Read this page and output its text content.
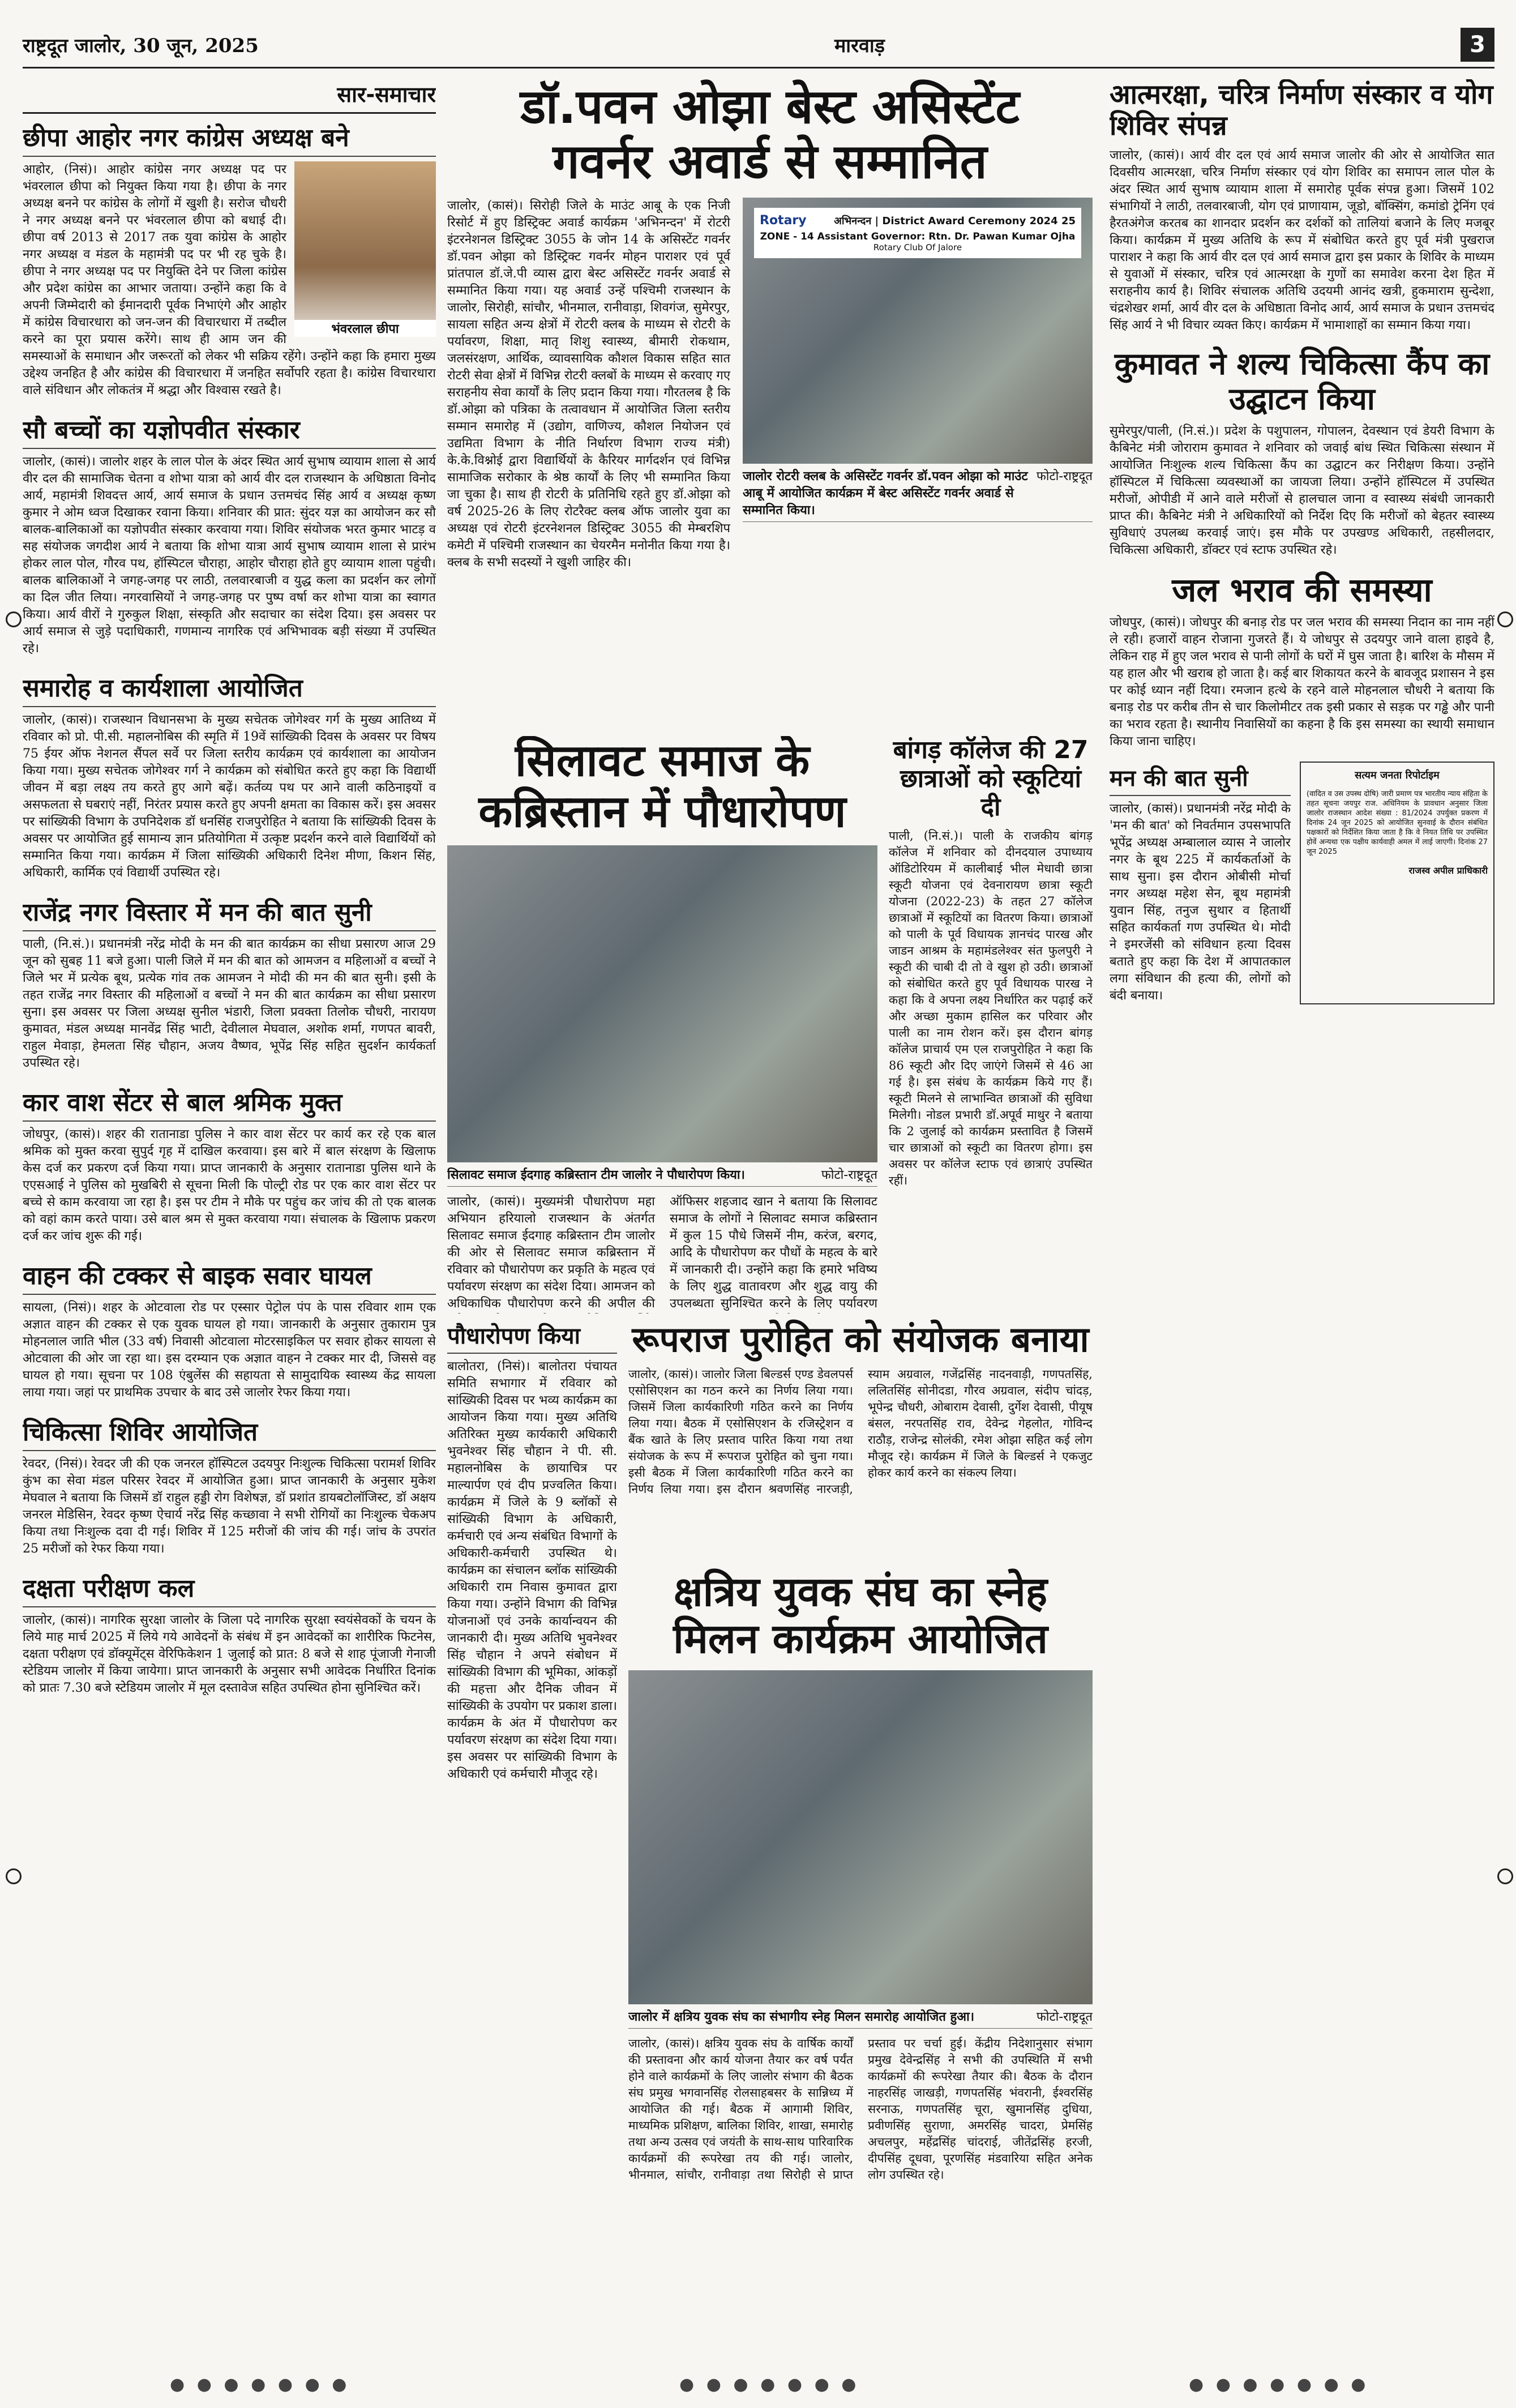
राष्ट्रदूत जालोर, 30 जून, 2025	मारवाड़	3
सार-समाचार
छीपा आहोर नगर कांग्रेस अध्यक्ष बने
भंवरलाल छीपा

आहोर, (निसं)। आहोर कांग्रेस नगर अध्यक्ष पद पर भंवरलाल छीपा को नियुक्त किया गया है। छीपा के नगर अध्यक्ष बनने पर कांग्रेस के लोगों में खुशी है। सरोज चौधरी ने नगर अध्यक्ष बनने पर भंवरलाल छीपा को बधाई दी। छीपा वर्ष 2013 से 2017 तक युवा कांग्रेस के आहोर नगर अध्यक्ष व मंडल के महामंत्री पद पर भी रह चुके है। छीपा ने नगर अध्यक्ष पद पर नियुक्ति देने पर जिला कांग्रेस और प्रदेश कांग्रेस का आभार जताया। उन्होंने कहा कि वे अपनी जिम्मेदारी को ईमानदारी पूर्वक निभाएंगे और आहोर में कांग्रेस विचारधारा को जन-जन की विचारधारा में तब्दील करने का पूरा प्रयास करेंगे। साथ ही आम जन की समस्याओं के समाधान और जरूरतों को लेकर भी सक्रिय रहेंगे। उन्होंने कहा कि हमारा मुख्य उद्देश्य जनहित है और कांग्रेस की विचारधारा में जनहित सर्वोपरि रहता है। कांग्रेस विचारधारा वाले संविधान और लोकतंत्र में श्रद्धा और विश्वास रखते है।

सौ बच्चों का यज्ञोपवीत संस्कार

जालोर, (कासं)। जालोर शहर के लाल पोल के अंदर स्थित आर्य सुभाष व्यायाम शाला से आर्य वीर दल की सामाजिक चेतना व शोभा यात्रा को आर्य वीर दल राजस्थान के अधिष्ठाता विनोद आर्य, महामंत्री शिवदत्त आर्य, आर्य समाज के प्रधान उत्तमचंद सिंह आर्य व अध्यक्ष कृष्ण कुमार ने ओम ध्वज दिखाकर रवाना किया। शनिवार की प्रात: सुंदर यज्ञ का आयोजन कर सौ बालक-बालिकाओं का यज्ञोपवीत संस्कार करवाया गया। शिविर संयोजक भरत कुमार भाटड़ व सह संयोजक जगदीश आर्य ने बताया कि शोभा यात्रा आर्य सुभाष व्यायाम शाला से प्रारंभ होकर लाल पोल, गौरव पथ, हॉस्पिटल चौराहा, आहोर चौराहा होते हुए व्यायाम शाला पहुंची। बालक बालिकाओं ने जगह-जगह पर लाठी, तलवारबाजी व युद्ध कला का प्रदर्शन कर लोगों का दिल जीत लिया। नगरवासियों ने जगह-जगह पर पुष्प वर्षा कर शोभा यात्रा का स्वागत किया। आर्य वीरों ने गुरुकुल शिक्षा, संस्कृति और सदाचार का संदेश दिया। इस अवसर पर आर्य समाज से जुड़े पदाधिकारी, गणमान्य नागरिक एवं अभिभावक बड़ी संख्या में उपस्थित रहे।

समारोह व कार्यशाला आयोजित

जालोर, (कासं)। राजस्थान विधानसभा के मुख्य सचेतक जोगेश्वर गर्ग के मुख्य आतिथ्य में रविवार को प्रो. पी.सी. महालनोबिस की स्मृति में 19वें सांख्यिकी दिवस के अवसर पर विषय 75 ईयर ऑफ नेशनल सैंपल सर्वे पर जिला स्तरीय कार्यक्रम एवं कार्यशाला का आयोजन किया गया। मुख्य सचेतक जोगेश्वर गर्ग ने कार्यक्रम को संबोधित करते हुए कहा कि विद्यार्थी जीवन में बड़ा लक्ष्य तय करते हुए आगे बढ़ें। कर्तव्य पथ पर आने वाली कठिनाइयों व असफलता से घबराएं नहीं, निरंतर प्रयास करते हुए अपनी क्षमता का विकास करें। इस अवसर पर सांख्यिकी विभाग के उपनिदेशक डॉ धनसिंह राजपुरोहित ने बताया कि सांख्यिकी दिवस के अवसर पर आयोजित हुई सामान्य ज्ञान प्रतियोगिता में उत्कृष्ट प्रदर्शन करने वाले विद्यार्थियों को सम्मानित किया गया। कार्यक्रम में जिला सांख्यिकी अधिकारी दिनेश मीणा, किशन सिंह, अधिकारी, कार्मिक एवं विद्यार्थी उपस्थित रहे।

राजेंद्र नगर विस्तार में मन की बात सुनी

पाली, (नि.सं.)। प्रधानमंत्री नरेंद्र मोदी के मन की बात कार्यक्रम का सीधा प्रसारण आज 29 जून को सुबह 11 बजे हुआ। पाली जिले में मन की बात को आमजन व महिलाओं व बच्चों ने जिले भर में प्रत्येक बूथ, प्रत्येक गांव तक आमजन ने मोदी की मन की बात सुनी। इसी के तहत राजेंद्र नगर विस्तार की महिलाओं व बच्चों ने मन की बात कार्यक्रम का सीधा प्रसारण सुना। इस अवसर पर जिला अध्यक्ष सुनील भंडारी, जिला प्रवक्ता तिलोक चौधरी, नारायण कुमावत, मंडल अध्यक्ष मानवेंद्र सिंह भाटी, देवीलाल मेघवाल, अशोक शर्मा, गणपत बावरी, राहुल मेवाड़ा, हेमलता सिंह चौहान, अजय वैष्णव, भूपेंद्र सिंह सहित सुदर्शन कार्यकर्ता उपस्थित रहे।

कार वाश सेंटर से बाल श्रमिक मुक्त

जोधपुर, (कासं)। शहर की रातानाडा पुलिस ने कार वाश सेंटर पर कार्य कर रहे एक बाल श्रमिक को मुक्त करवा सुपुर्द गृह में दाखिल करवाया। इस बारे में बाल संरक्षण के खिलाफ केस दर्ज कर प्रकरण दर्ज किया गया। प्राप्त जानकारी के अनुसार रातानाडा पुलिस थाने के एएसआई ने पुलिस को मुखबिरी से सूचना मिली कि पोल्ट्री रोड पर एक कार वाश सेंटर पर बच्चे से काम करवाया जा रहा है। इस पर टीम ने मौके पर पहुंच कर जांच की तो एक बालक को वहां काम करते पाया। उसे बाल श्रम से मुक्त करवाया गया। संचालक के खिलाफ प्रकरण दर्ज कर जांच शुरू की गई।

वाहन की टक्कर से बाइक सवार घायल

सायला, (निसं)। शहर के ओटवाला रोड पर एस्सार पेट्रोल पंप के पास रविवार शाम एक अज्ञात वाहन की टक्कर से एक युवक घायल हो गया। जानकारी के अनुसार तुकाराम पुत्र मोहनलाल जाति भील (33 वर्ष) निवासी ओटवाला मोटरसाइकिल पर सवार होकर सायला से ओटवाला की ओर जा रहा था। इस दरम्यान एक अज्ञात वाहन ने टक्कर मार दी, जिससे वह घायल हो गया। सूचना पर 108 एंबुलेंस की सहायता से सामुदायिक स्वास्थ्य केंद्र सायला लाया गया। जहां पर प्राथमिक उपचार के बाद उसे जालोर रेफर किया गया।

चिकित्सा शिविर आयोजित

रेवदर, (निसं)। रेवदर जी की एक जनरल हॉस्पिटल उदयपुर निःशुल्क चिकित्सा परामर्श शिविर कुंभ का सेवा मंडल परिसर रेवदर में आयोजित हुआ। प्राप्त जानकारी के अनुसार मुकेश मेघवाल ने बताया कि जिसमें डॉ राहुल हड्डी रोग विशेषज्ञ, डॉ प्रशांत डायबटोलॉजिस्ट, डॉ अक्षय जनरल मेडिसिन, रेवदर कृष्ण ऐचार्य नरेंद्र सिंह कच्छावा ने सभी रोगियों का निःशुल्क चेकअप किया तथा निःशुल्क दवा दी गई। शिविर में 125 मरीजों की जांच की गई। जांच के उपरांत 25 मरीजों को रेफर किया गया।

दक्षता परीक्षण कल

जालोर, (कासं)। नागरिक सुरक्षा जालोर के जिला पदे नागरिक सुरक्षा स्वयंसेवकों के चयन के लिये माह मार्च 2025 में लिये गये आवेदनों के संबंध में इन आवेदकों का शारीरिक फिटनेस, दक्षता परीक्षण एवं डॉक्यूमेंट्स वेरिफिकेशन 1 जुलाई को प्रात: 8 बजे से शाह पूंजाजी गेनाजी स्टेडियम जालोर में किया जायेगा। प्राप्त जानकारी के अनुसार सभी आवेदक निर्धारित दिनांक को प्रातः 7.30 बजे स्टेडियम जालोर में मूल दस्तावेज सहित उपस्थित होना सुनिश्चित करें।

डॉ.पवन ओझा बेस्ट असिस्टेंट
गवर्नर अवार्ड से सम्मानित

जालोर, (कासं)। सिरोही जिले के माउंट आबू के एक निजी रिसोर्ट में हुए डिस्ट्रिक्ट अवार्ड कार्यक्रम 'अभिनन्दन' में रोटरी इंटरनेशनल डिस्ट्रिक्ट 3055 के जोन 14 के असिस्टेंट गवर्नर डॉ.पवन ओझा को डिस्ट्रिक्ट गवर्नर मोहन पाराशर एवं पूर्व प्रांतपाल डॉ.जे.पी व्यास द्वारा बेस्ट असिस्टेंट गवर्नर अवार्ड से सम्मानित किया गया। यह अवार्ड उन्हें पश्चिमी राजस्थान के जालोर, सिरोही, सांचौर, भीनमाल, रानीवाड़ा, शिवगंज, सुमेरपुर, सायला सहित अन्य क्षेत्रों में रोटरी क्लब के माध्यम से रोटरी के पर्यावरण, शिक्षा, मातृ शिशु स्वास्थ्य, बीमारी रोकथाम, जलसंरक्षण, आर्थिक, व्यावसायिक कौशल विकास सहित सात रोटरी सेवा क्षेत्रों में विभिन्न रोटरी क्लबों के माध्यम से करवाए गए सराहनीय सेवा कार्यों के लिए प्रदान किया गया। गौरतलब है कि डॉ.ओझा को पत्रिका के तत्वावधान में आयोजित जिला स्तरीय सम्मान समारोह में (उद्योग, वाणिज्य, कौशल नियोजन एवं उद्यमिता विभाग के नीति निर्धारण विभाग राज्य मंत्री) के.के.विश्नोई द्वारा विद्यार्थियों के कैरियर मार्गदर्शन एवं विभिन्न सामाजिक सरोकार के श्रेष्ठ कार्यों के लिए भी सम्मानित किया जा चुका है। साथ ही रोटरी के प्रतिनिधि रहते हुए डॉ.ओझा को वर्ष 2025-26 के लिए रोटरैक्ट क्लब ऑफ जालोर युवा का अध्यक्ष एवं रोटरी इंटरनेशनल डिस्ट्रिक्ट 3055 की मेम्बरशिप कमेटी में पश्चिमी राजस्थान का चेयरमैन मनोनीत किया गया है। क्लब के सभी सदस्यों ने खुशी जाहिर की।

Rotary	अभिनन्दन | District Award Ceremony 2024 25
ZONE - 14 Assistant Governor: Rtn. Dr. Pawan Kumar Ojha
Rotary Club Of Jalore
जालोर रोटरी क्लब के असिस्टेंट गवर्नर डॉ.पवन ओझा को माउंट आबू में आयोजित कार्यक्रम में बेस्ट असिस्टेंट गवर्नर अवार्ड से सम्मानित किया।
फोटो-राष्ट्रदूत
सिलावट समाज के
कब्रिस्तान में पौधारोपण
सिलावट समाज ईदगाह कब्रिस्तान टीम जालोर ने पौधारोपण किया।	फोटो-राष्ट्रदूत
बांगड़ कॉलेज की 27 छात्राओं को स्कूटियां दी

पाली, (नि.सं.)। पाली के राजकीय बांगड़ कॉलेज में शनिवार को दीनदयाल उपाध्याय ऑडिटोरियम में कालीबाई भील मेधावी छात्रा स्कूटी योजना एवं देवनारायण छात्रा स्कूटी योजना (2022-23) के तहत 27 कॉलेज छात्राओं में स्कूटियों का वितरण किया। छात्राओं को पाली के पूर्व विधायक ज्ञानचंद पारख और जाडन आश्रम के महामंडलेश्वर संत फुलपुरी ने स्कूटी की चाबी दी तो वे खुश हो उठी। छात्राओं को संबोधित करते हुए पूर्व विधायक पारख ने कहा कि वे अपना लक्ष्य निर्धारित कर पढ़ाई करें और अच्छा मुकाम हासिल कर परिवार और पाली का नाम रोशन करें। इस दौरान बांगड़ कॉलेज प्राचार्य एम एल राजपुरोहित ने कहा कि 86 स्कूटी और दिए जाएंगे जिसमें से 46 आ गई है। इस संबंध के कार्यक्रम किये गए हैं। स्कूटी मिलने से लाभान्वित छात्राओं की सुविधा मिलेगी। नोडल प्रभारी डॉ.अपूर्व माथुर ने बताया कि 2 जुलाई को कार्यक्रम प्रस्तावित है जिसमें चार छात्राओं को स्कूटी का वितरण होगा। इस अवसर पर कॉलेज स्टाफ एवं छात्राएं उपस्थित रहीं।

जालोर, (कासं)। मुख्यमंत्री पौधारोपण महा अभियान हरियालो राजस्थान के अंतर्गत सिलावट समाज ईदगाह कब्रिस्तान टीम जालोर की ओर से सिलावट समाज कब्रिस्तान में रविवार को पौधारोपण कर प्रकृति के महत्व एवं पर्यावरण संरक्षण का संदेश दिया। आमजन को अधिकाधिक पौधारोपण करने की अपील की ऑफिसर शहजाद खान ने बताया कि सिलावट समाज के लोगों ने सिलावट समाज कब्रिस्तान में कुल 15 पौधे जिसमें नीम, करंज, बरगद, आदि के पौधारोपण कर पौधों के महत्व के बारे में जानकारी दी। उन्होंने कहा कि हमारे भविष्य के लिए शुद्ध वातावरण और शुद्ध वायु की उपलब्धता सुनिश्चित करने के लिए पर्यावरण

पौधारोपण किया

बालोतरा, (निसं)। बालोतरा पंचायत समिति सभागार में रविवार को सांख्यिकी दिवस पर भव्य कार्यक्रम का आयोजन किया गया। मुख्य अतिथि अतिरिक्त मुख्य कार्यकारी अधिकारी भुवनेश्वर सिंह चौहान ने पी. सी. महालनोबिस के छायाचित्र पर माल्यार्पण एवं दीप प्रज्वलित किया। कार्यक्रम में जिले के 9 ब्लॉकों से सांख्यिकी विभाग के अधिकारी, कर्मचारी एवं अन्य संबंधित विभागों के अधिकारी-कर्मचारी उपस्थित थे। कार्यक्रम का संचालन ब्लॉक सांख्यिकी अधिकारी राम निवास कुमावत द्वारा किया गया। उन्होंने विभाग की विभिन्न योजनाओं एवं उनके कार्यान्वयन की जानकारी दी। मुख्य अतिथि भुवनेश्वर सिंह चौहान ने अपने संबोधन में सांख्यिकी विभाग की भूमिका, आंकड़ों की महत्ता और दैनिक जीवन में सांख्यिकी के उपयोग पर प्रकाश डाला। कार्यक्रम के अंत में पौधारोपण कर पर्यावरण संरक्षण का संदेश दिया गया। इस अवसर पर सांख्यिकी विभाग के अधिकारी एवं कर्मचारी मौजूद रहे।

रूपराज पुरोहित को संयोजक बनाया

जालोर, (कासं)। जालोर जिला बिल्डर्स एण्ड डेवलपर्स एसोसिएशन का गठन करने का निर्णय लिया गया। जिसमें जिला कार्यकारिणी गठित करने का निर्णय लिया गया। बैठक में एसोसिएशन के रजिस्ट्रेशन व बैंक खाते के लिए प्रस्ताव पारित किया गया तथा संयोजक के रूप में रूपराज पुरोहित को चुना गया। इसी बैठक में जिला कार्यकारिणी गठित करने का निर्णय लिया गया। इस दौरान श्रवणसिंह नारजड़ी, स्याम अग्रवाल, गजेंद्रसिंह नादनवाड़ी, गणपतसिंह, ललितसिंह सोनीदडा, गौरव अग्रवाल, संदीप चांदड़, भूपेन्द्र चौधरी, ओबाराम देवासी, दुर्गेश देवासी, पीयूष बंसल, नरपतसिंह राव, देवेन्द्र गेहलोत, गोविन्द राठौड़, राजेन्द्र सोलंकी, रमेश ओझा सहित कई लोग मौजूद रहे। कार्यक्रम में जिले के बिल्डर्स ने एकजुट होकर कार्य करने का संकल्प लिया।

क्षत्रिय युवक संघ का स्नेह
मिलन कार्यक्रम आयोजित
जालोर में क्षत्रिय युवक संघ का संभागीय स्नेह मिलन समारोह आयोजित हुआ।	फोटो-राष्ट्रदूत

जालोर, (कासं)। क्षत्रिय युवक संघ के वार्षिक कार्यों की प्रस्तावना और कार्य योजना तैयार कर वर्ष पर्यंत होने वाले कार्यक्रमों के लिए जालोर संभाग की बैठक संघ प्रमुख भगवानसिंह रोलसाहबसर के सान्निध्य में आयोजित की गई। बैठक में आगामी शिविर, माध्यमिक प्रशिक्षण, बालिका शिविर, शाखा, समारोह तथा अन्य उत्सव एवं जयंती के साथ-साथ पारिवारिक कार्यक्रमों की रूपरेखा तय की गई। जालोर, भीनमाल, सांचौर, रानीवाड़ा तथा सिरोही से प्राप्त प्रस्ताव पर चर्चा हुई। केंद्रीय निदेशानुसार संभाग प्रमुख देवेन्द्रसिंह ने सभी की उपस्थिति में सभी कार्यक्रमों की रूपरेखा तैयार की। बैठक के दौरान नाहरसिंह जाखड़ी, गणपतसिंह भंवरानी, ईश्वरसिंह सरनाऊ, गणपतसिंह चूरा, खुमानसिंह दुधिया, प्रवीणसिंह सुराणा, अमरसिंह चादरा, प्रेमसिंह अचलपुर, महेंद्रसिंह चांदराई, जीतेंद्रसिंह हरजी, दीपसिंह दूधवा, पूरणसिंह मंडवारिया सहित अनेक लोग उपस्थित रहे।

आत्मरक्षा, चरित्र निर्माण संस्कार व योग शिविर संपन्न

जालोर, (कासं)। आर्य वीर दल एवं आर्य समाज जालोर की ओर से आयोजित सात दिवसीय आत्मरक्षा, चरित्र निर्माण संस्कार एवं योग शिविर का समापन लाल पोल के अंदर स्थित आर्य सुभाष व्यायाम शाला में समारोह पूर्वक संपन्न हुआ। जिसमें 102 संभागियों ने लाठी, तलवारबाजी, योग एवं प्राणायाम, जूडो, बॉक्सिंग, कमांडो ट्रेनिंग एवं हैरतअंगेज करतब का शानदार प्रदर्शन कर दर्शकों को तालियां बजाने के लिए मजबूर किया। कार्यक्रम में मुख्य अतिथि के रूप में संबोधित करते हुए पूर्व मंत्री पुखराज पाराशर ने कहा कि आर्य वीर दल एवं आर्य समाज द्वारा इस प्रकार के शिविर के माध्यम से युवाओं में संस्कार, चरित्र एवं आत्मरक्षा के गुणों का समावेश करना देश हित में सराहनीय कार्य है। शिविर संचालक अतिथि उदयमी आनंद खत्री, हुकमाराम सुन्देशा, चंद्रशेखर शर्मा, आर्य वीर दल के अधिष्ठाता विनोद आर्य, आर्य समाज के प्रधान उत्तमचंद सिंह आर्य ने भी विचार व्यक्त किए। कार्यक्रम में भामाशाहों का सम्मान किया गया।

कुमावत ने शल्य चिकित्सा कैंप का उद्घाटन किया

सुमेरपुर/पाली, (नि.सं.)। प्रदेश के पशुपालन, गोपालन, देवस्थान एवं डेयरी विभाग के कैबिनेट मंत्री जोराराम कुमावत ने शनिवार को जवाई बांध स्थित चिकित्सा संस्थान में आयोजित निःशुल्क शल्य चिकित्सा कैंप का उद्घाटन कर निरीक्षण किया। उन्होंने हॉस्पिटल में चिकित्सा व्यवस्थाओं का जायजा लिया। उन्होंने हॉस्पिटल में उपस्थित मरीजों, ओपीडी में आने वाले मरीजों से हालचाल जाना व स्वास्थ्य संबंधी जानकारी प्राप्त की। कैबिनेट मंत्री ने अधिकारियों को निर्देश दिए कि मरीजों को बेहतर स्वास्थ्य सुविधाएं उपलब्ध करवाई जाएं। इस मौके पर उपखण्ड अधिकारी, तहसीलदार, चिकित्सा अधिकारी, डॉक्टर एवं स्टाफ उपस्थित रहे।

जल भराव की समस्या

जोधपुर, (कासं)। जोधपुर की बनाड़ रोड पर जल भराव की समस्या निदान का नाम नहीं ले रही। हजारों वाहन रोजाना गुजरते हैं। ये जोधपुर से उदयपुर जाने वाला हाइवे है, लेकिन राह में हुए जल भराव से पानी लोगों के घरों में घुस जाता है। बारिश के मौसम में यह हाल और भी खराब हो जाता है। कई बार शिकायत करने के बावजूद प्रशासन ने इस पर कोई ध्यान नहीं दिया। रमजान हत्थे के रहने वाले मोहनलाल चौधरी ने बताया कि बनाड़ रोड पर करीब तीन से चार किलोमीटर तक इसी प्रकार से सड़क पर गड्ढे और पानी का भराव रहता है। स्थानीय निवासियों का कहना है कि इस समस्या का स्थायी समाधान किया जाना चाहिए।

मन की बात सुनी

जालोर, (कासं)। प्रधानमंत्री नरेंद्र मोदी के 'मन की बात' को निवर्तमान उपसभापति भूपेंद्र अध्यक्ष अम्बालाल व्यास ने जालोर नगर के बूथ 225 में कार्यकर्ताओं के साथ सुना। इस दौरान ओबीसी मोर्चा नगर अध्यक्ष महेश सेन, बूथ महामंत्री युवान सिंह, तनुज सुथार व हितार्थी सहित कार्यकर्ता गण उपस्थित थे। मोदी ने इमरजेंसी को संविधान हत्या दिवस बताते हुए कहा कि देश में आपातकाल लगा संविधान की हत्या की, लोगों को बंदी बनाया।

सत्यम जनता रिपोर्टाइम

(वादित व उस उपस्थ दोषि) जारी प्रमाण पत्र भारतीय न्याय संहिता के तहत सूचना जयपुर राज. अधिनियम के प्रावधान अनुसार जिला जालोर राजस्थान आदेश संख्या : 81/2024 उपर्युक्त प्रकरण में दिनांक 24 जून 2025 को आयोजित सुनवाई के दौरान संबंधित पक्षकारों को निर्देशित किया जाता है कि वे नियत तिथि पर उपस्थित होवें अन्यथा एक पक्षीय कार्यवाही अमल में लाई जाएगी। दिनांक 27 जून 2025

राजस्व अपील प्राधिकारी
● ● ● ● ● ● ●	● ● ● ● ● ● ●	● ● ● ● ● ● ●
